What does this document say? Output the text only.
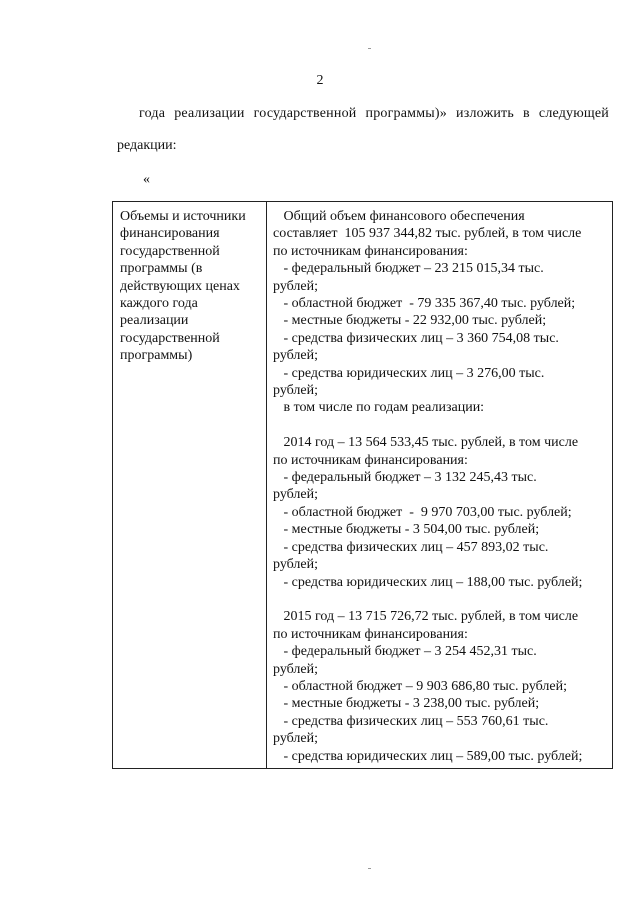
2
года реализации государственной программы)» изложить в следующей
редакции:
«
Объемы и источники
финансирования
государственной
программы (в
действующих ценах
каждого года
реализации
государственной
программы)
Общий объем финансового обеспечения
составляет  105 937 344,82 тыс. рублей, в том числе
по источникам финансирования:
- федеральный бюджет – 23 215 015,34 тыс.
рублей;
- областной бюджет  - 79 335 367,40 тыс. рублей;
- местные бюджеты - 22 932,00 тыс. рублей;
- средства физических лиц – 3 360 754,08 тыс.
рублей;
- средства юридических лиц – 3 276,00 тыс.
рублей;
в том числе по годам реализации:
2014 год – 13 564 533,45 тыс. рублей, в том числе
по источникам финансирования:
- федеральный бюджет – 3 132 245,43 тыс.
рублей;
- областной бюджет  -  9 970 703,00 тыс. рублей;
- местные бюджеты - 3 504,00 тыс. рублей;
- средства физических лиц – 457 893,02 тыс.
рублей;
- средства юридических лиц – 188,00 тыс. рублей;
2015 год – 13 715 726,72 тыс. рублей, в том числе
по источникам финансирования:
- федеральный бюджет – 3 254 452,31 тыс.
рублей;
- областной бюджет – 9 903 686,80 тыс. рублей;
- местные бюджеты - 3 238,00 тыс. рублей;
- средства физических лиц – 553 760,61 тыс.
рублей;
- средства юридических лиц – 589,00 тыс. рублей;
